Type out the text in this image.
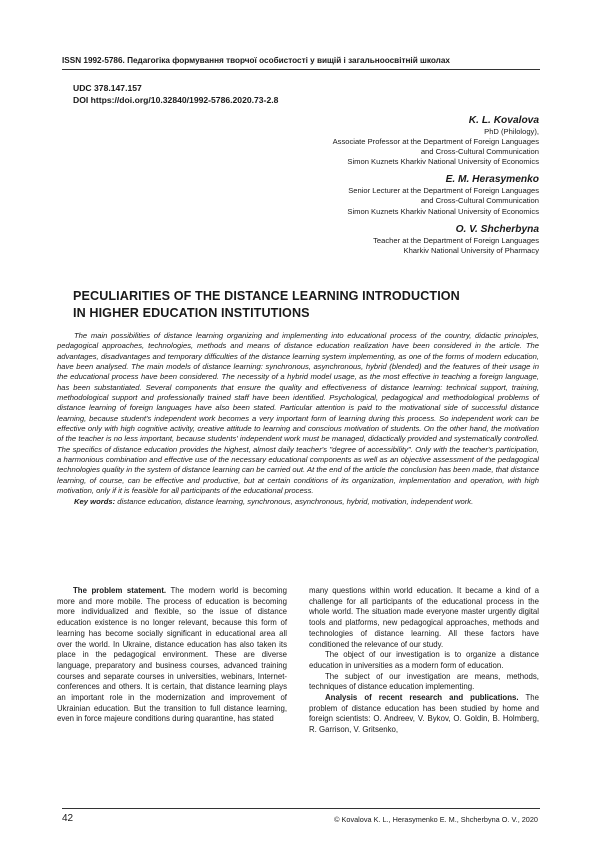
ISSN 1992-5786. Педагогіка формування творчої особистості у вищій і загальноосвітній школах
UDC 378.147.157
DOI https://doi.org/10.32840/1992-5786.2020.73-2.8
K. L. Kovalova
PhD (Philology),
Associate Professor at the Department of Foreign Languages
and Cross-Cultural Communication
Simon Kuznets Kharkiv National University of Economics
E. M. Herasymenko
Senior Lecturer at the Department of Foreign Languages
and Cross-Cultural Communication
Simon Kuznets Kharkiv National University of Economics
O. V. Shcherbyna
Teacher at the Department of Foreign Languages
Kharkiv National University of Pharmacy
PECULIARITIES OF THE DISTANCE LEARNING INTRODUCTION
IN HIGHER EDUCATION INSTITUTIONS

The main possibilities of distance learning organizing and implementing into educational process of the country, didactic principles, pedagogical approaches, technologies, methods and means of distance education realization have been considered in the article. The advantages, disadvantages and temporary difficulties of the distance learning system implementing, as one of the forms of modern education, have been analysed. The main models of distance learning: synchronous, asynchronous, hybrid (blended) and the features of their usage in the educational process have been considered. The necessity of a hybrid model usage, as the most effective in teaching a foreign language, has been substantiated. Several components that ensure the quality and effectiveness of distance learning: technical support, training, methodological support and professionally trained staff have been identified. Psychological, pedagogical and methodological problems of distance learning of foreign languages have also been stated. Particular attention is paid to the motivational side of successful distance learning, because student's independent work becomes a very important form of learning during this process. So independent work can be effective only with high cognitive activity, creative attitude to learning and conscious motivation of students. On the other hand, the motivation of the teacher is no less important, because students' independent work must be managed, didactically provided and systematically controlled. The specifics of distance education provides the highest, almost daily teacher's "degree of accessibility". Only with the teacher's participation, a harmonious combination and effective use of the necessary educational components as well as an objective assessment of the pedagogical technologies quality in the system of distance learning can be carried out. At the end of the article the conclusion has been made, that distance learning, of course, can be effective and productive, but at certain conditions of its organization, implementation and operation, with high motivation, only if it is feasible for all participants of the educational process.

Key words: distance education, distance learning, synchronous, asynchronous, hybrid, motivation, independent work.

The problem statement. The modern world is becoming more and more mobile. The process of education is becoming more individualized and flexible, so the issue of distance education existence is no longer relevant, because this form of learning has become socially significant in educational area all over the world. In Ukraine, distance education has also taken its place in the pedagogical environment. These are diverse language, preparatory and business courses, advanced training courses and separate courses in universities, webinars, Internet-conferences and others. It is certain, that distance learning plays an important role in the modernization and improvement of Ukrainian education. But the transition to full distance learning, even in force majeure conditions during quarantine, has stated

many questions within world education. It became a kind of a challenge for all participants of the educational process in the whole world. The situation made everyone master urgently digital tools and platforms, new pedagogical approaches, methods and technologies of distance learning. All these factors have conditioned the relevance of our study.

The object of our investigation is to organize a distance education in universities as a modern form of education.

The subject of our investigation are means, methods, techniques of distance education implementing.

Analysis of recent research and publications. The problem of distance education has been studied by home and foreign scientists: O. Andreev, V. Bykov, O. Goldin, B. Holmberg, R. Garrison, V. Gritsenko,

42	© Kovalova K. L., Herasymenko E. M., Shcherbyna O. V., 2020
